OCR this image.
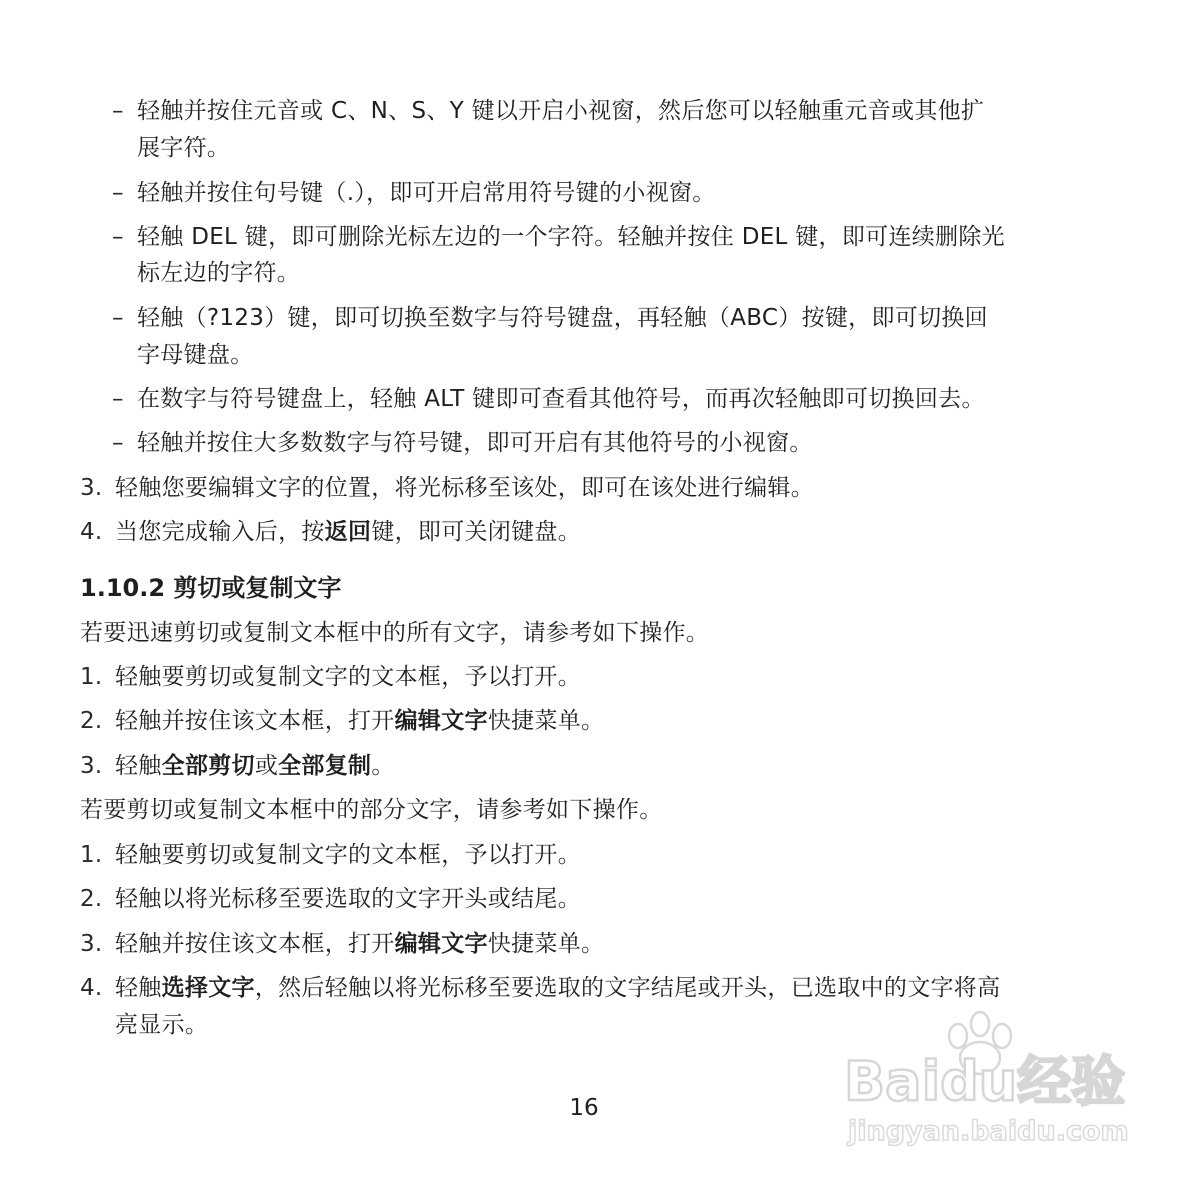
– 轻触并按住元音或 C、N、S、Y 键以开启小视窗，然后您可以轻触重元音或其他扩
展字符。
– 轻触并按住句号键（.），即可开启常用符号键的小视窗。
– 轻触 DEL 键，即可删除光标左边的一个字符。轻触并按住 DEL 键，即可连续删除光
标左边的字符。
– 轻触（?123）键，即可切换至数字与符号键盘，再轻触（ABC）按键，即可切换回
字母键盘。
– 在数字与符号键盘上，轻触 ALT 键即可查看其他符号，而再次轻触即可切换回去。
– 轻触并按住大多数数字与符号键，即可开启有其他符号的小视窗。
3. 轻触您要编辑文字的位置，将光标移至该处，即可在该处进行编辑。
4. 当您完成输入后，按返回键，即可关闭键盘。
1.10.2 剪切或复制文字
若要迅速剪切或复制文本框中的所有文字，请参考如下操作。
1. 轻触要剪切或复制文字的文本框，予以打开。
2. 轻触并按住该文本框，打开编辑文字快捷菜单。
3. 轻触全部剪切或全部复制。
若要剪切或复制文本框中的部分文字，请参考如下操作。
1. 轻触要剪切或复制文字的文本框，予以打开。
2. 轻触以将光标移至要选取的文字开头或结尾。
3. 轻触并按住该文本框，打开编辑文字快捷菜单。
4. 轻触选择文字，然后轻触以将光标移至要选取的文字结尾或开头，已选取中的文字将高
亮显示。
16	Baidu经验
jingyan.baidu.com
